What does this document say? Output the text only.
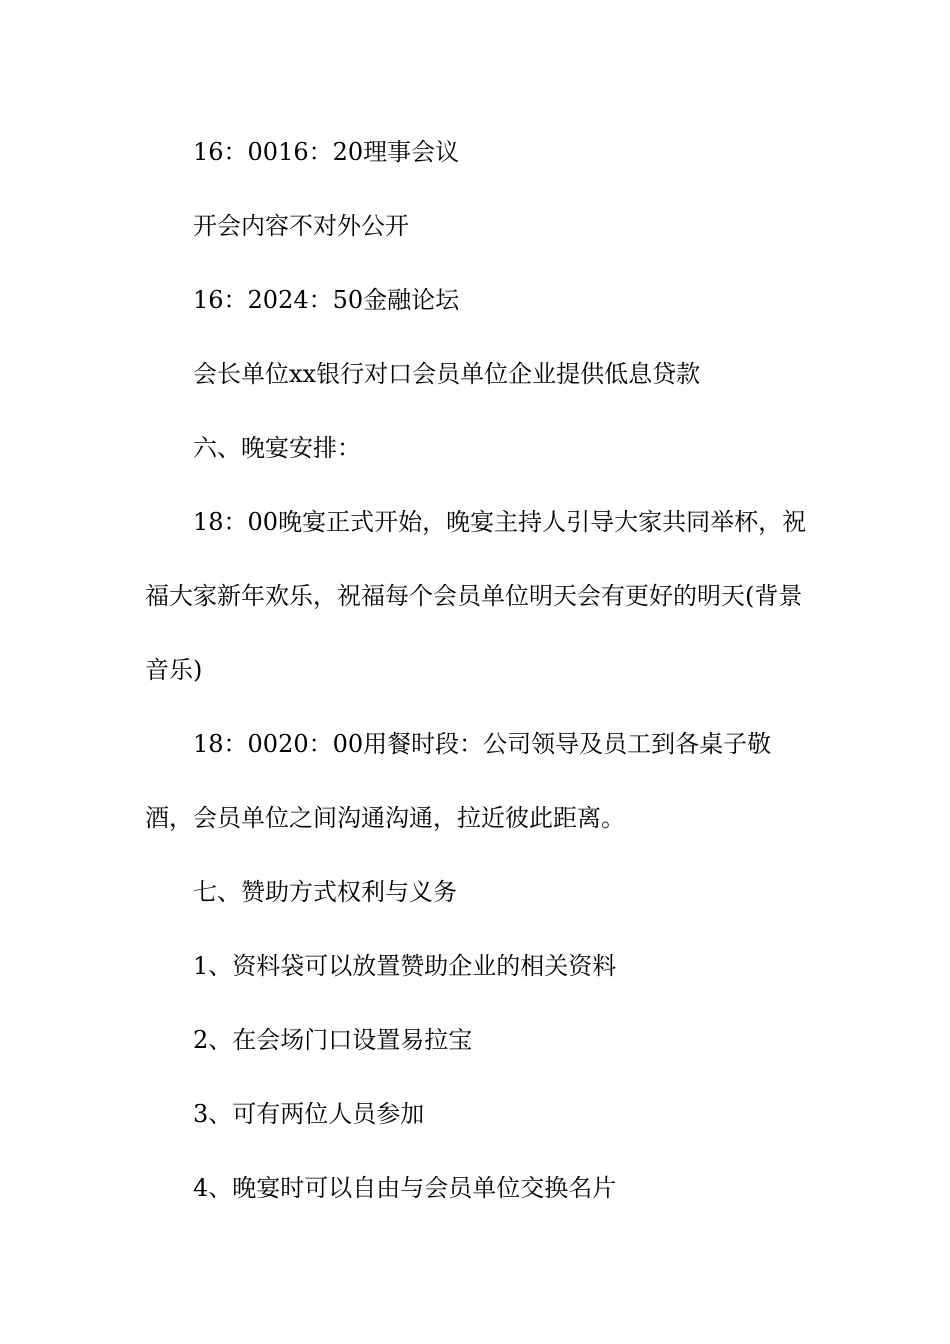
16：0016：20理事会议

开会内容不对外公开

16：2024：50金融论坛

会长单位xx银行对口会员单位企业提供低息贷款

六、晚宴安排：

18：00晚宴正式开始，晚宴主持人引导大家共同举杯，祝福大家新年欢乐，祝福每个会员单位明天会有更好的明天(背景音乐)

18：0020：00用餐时段：公司领导及员工到各桌子敬酒，会员单位之间沟通沟通，拉近彼此距离。

七、赞助方式权利与义务

1、资料袋可以放置赞助企业的相关资料

2、在会场门口设置易拉宝

3、可有两位人员参加

4、晚宴时可以自由与会员单位交换名片
